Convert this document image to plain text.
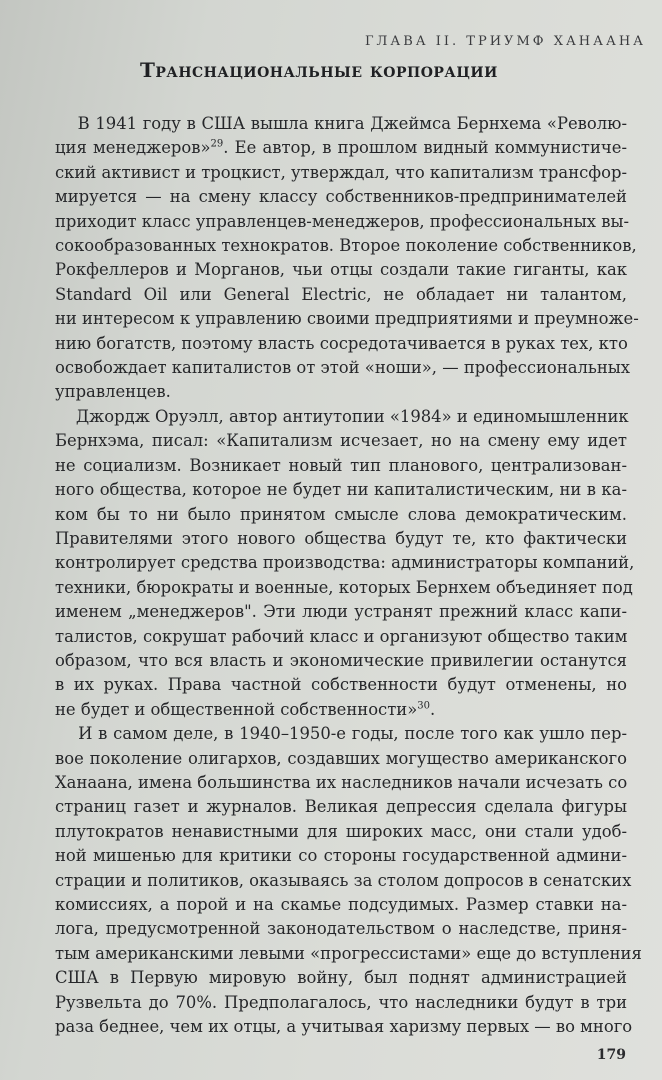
ГЛАВА II. ТРИУМФ ХАНААНА
Транснациональные корпорации

В 1941 году в США вышла книга Джеймса Бернхема «Револю-
ция менеджеров»$^{29}$. Ее автор, в прошлом видный коммунистиче-
ский активист и троцкист, утверждал, что капитализм трансфор-
мируется — на смену классу собственников-предпринимателей
приходит класс управленцев-менеджеров, профессиональных вы-
сокообразованных технократов. Второе поколение собственников,
Рокфеллеров и Морганов, чьи отцы создали такие гиганты, как
Standard Oil или General Electric, не обладает ни талантом,
ни интересом к управлению своими предприятиями и преумноже-
нию богатств, поэтому власть сосредотачивается в руках тех, кто
освобождает капиталистов от этой «ноши», — профессиональных
управленцев.

Джордж Оруэлл, автор антиутопии «1984» и единомышленник
Бернхэма, писал: «Капитализм исчезает, но на смену ему идет
не социализм. Возникает новый тип планового, централизован-
ного общества, которое не будет ни капиталистическим, ни в ка-
ком бы то ни было принятом смысле слова демократическим.
Правителями этого нового общества будут те, кто фактически
контролирует средства производства: администраторы компаний,
техники, бюрократы и военные, которых Бернхем объединяет под
именем „менеджеров". Эти люди устранят прежний класс капи-
талистов, сокрушат рабочий класс и организуют общество таким
образом, что вся власть и экономические привилегии останутся
в их руках. Права частной собственности будут отменены, но
не будет и общественной собственности»$^{30}$.

И в самом деле, в 1940–1950-е годы, после того как ушло пер-
вое поколение олигархов, создавших могущество американского
Ханаана, имена большинства их наследников начали исчезать со
страниц газет и журналов. Великая депрессия сделала фигуры
плутократов ненавистными для широких масс, они стали удоб-
ной мишенью для критики со стороны государственной админи-
страции и политиков, оказываясь за столом допросов в сенатских
комиссиях, а порой и на скамье подсудимых. Размер ставки на-
лога, предусмотренной законодательством о наследстве, приня-
тым американскими левыми «прогрессистами» еще до вступления
США в Первую мировую войну, был поднят администрацией
Рузвельта до 70%. Предполагалось, что наследники будут в три
раза беднее, чем их отцы, а учитывая харизму первых — во много

179
